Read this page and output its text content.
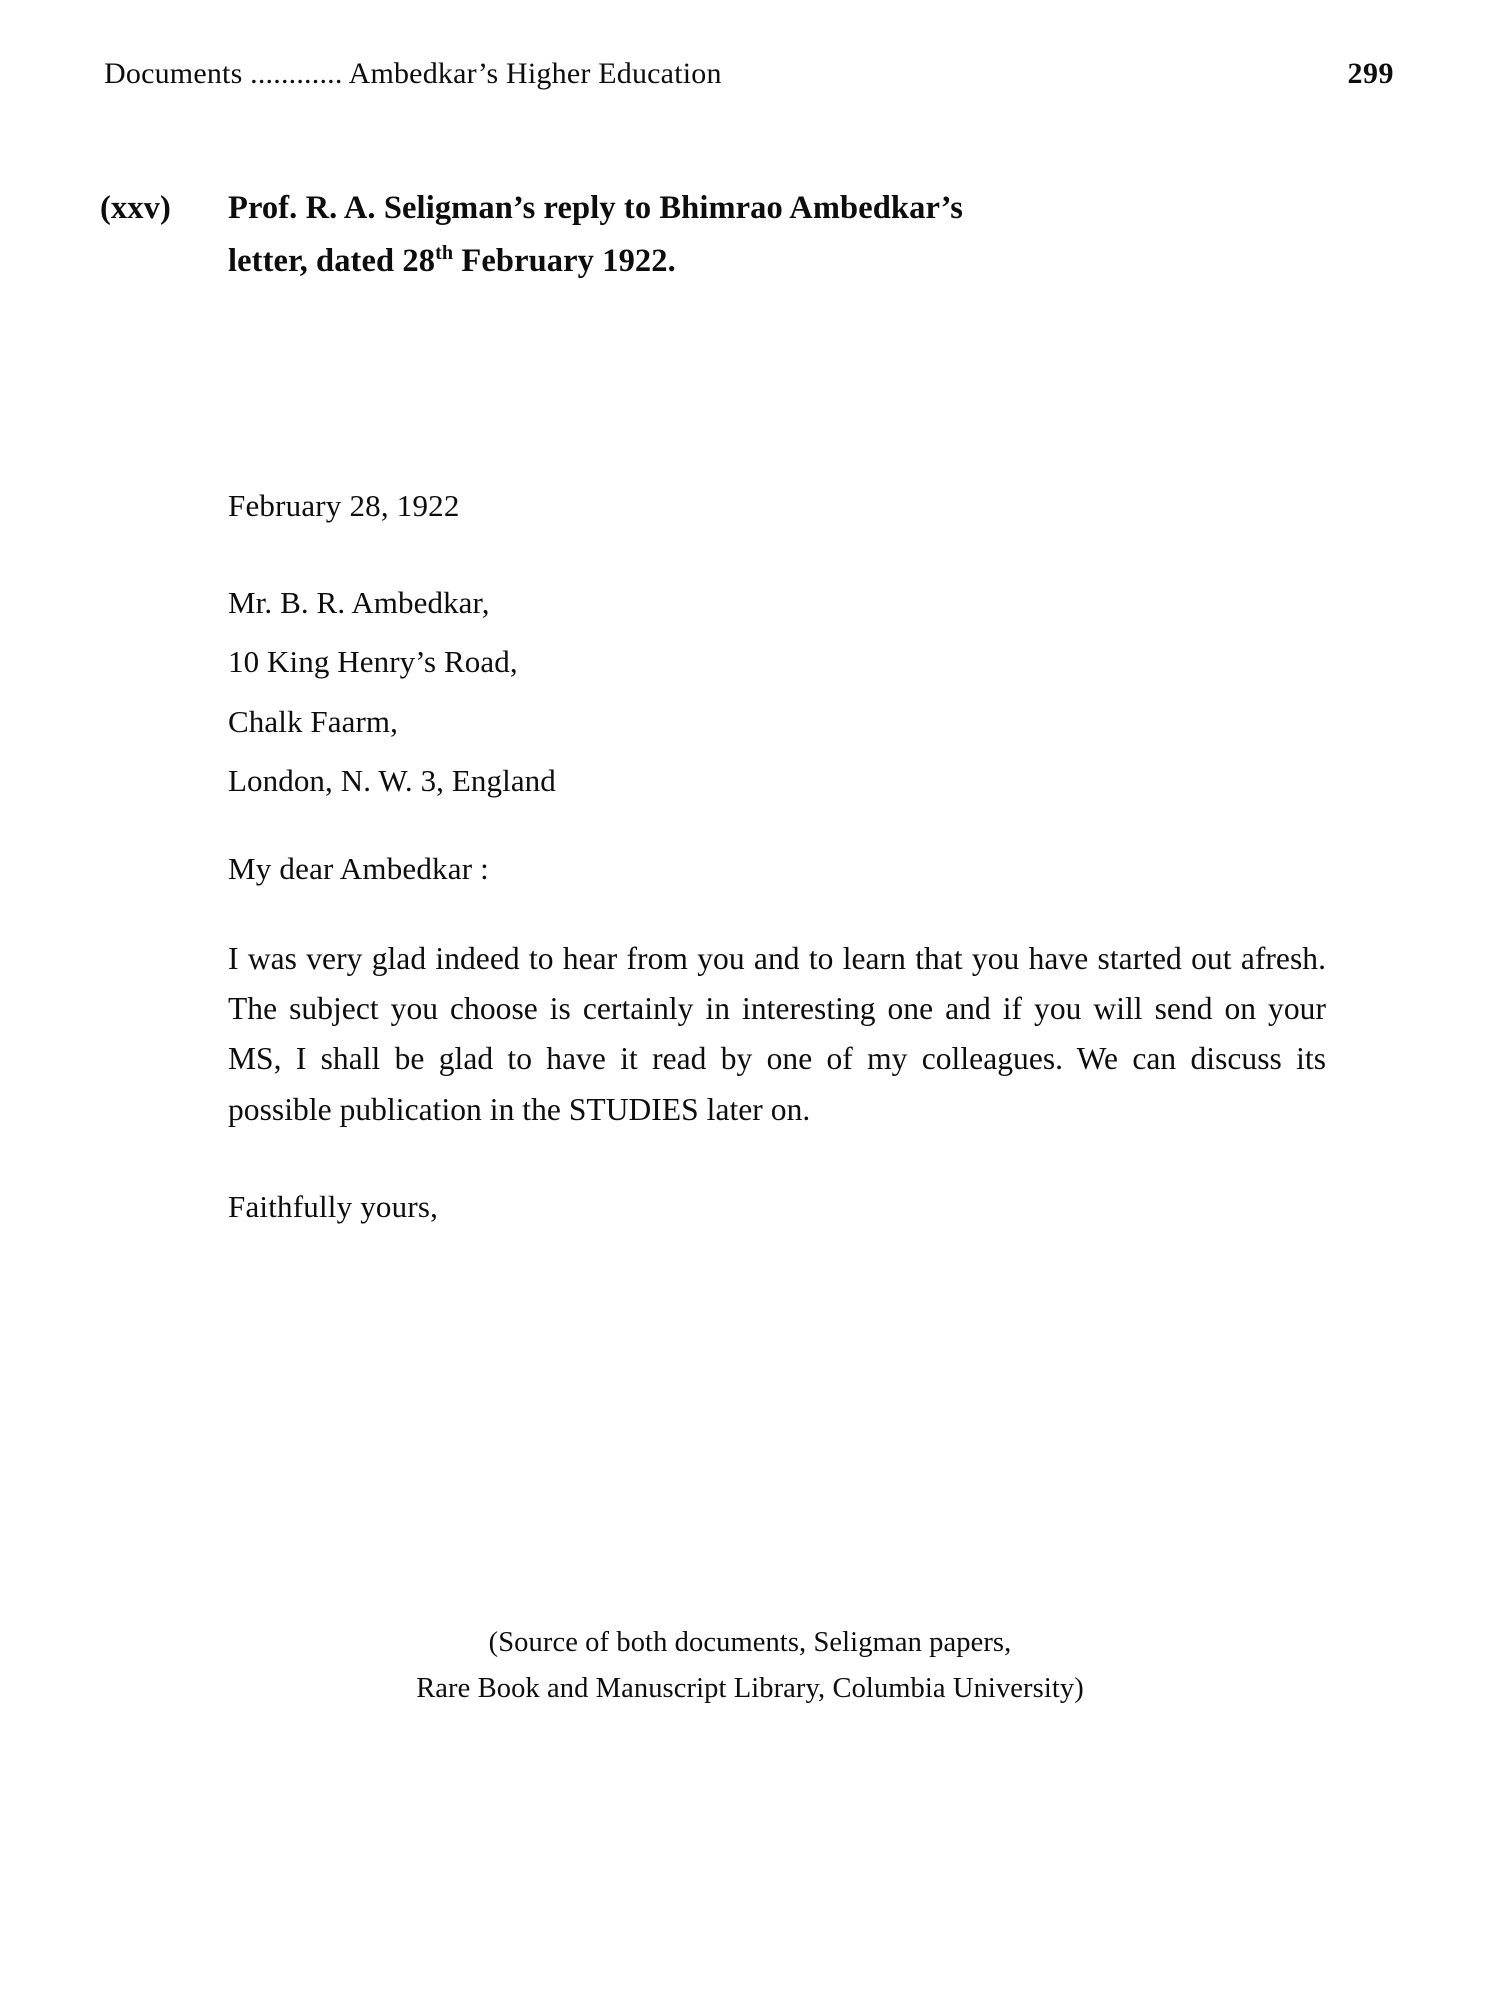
Documents ............ Ambedkar’s Higher Education	299
(xxv) Prof. R. A. Seligman’s reply to Bhimrao Ambedkar’s
letter, dated 28th February 1922.

February 28, 1922

Mr. B. R. Ambedkar,
10 King Henry’s Road,
Chalk Faarm,
London, N. W. 3, England

My dear Ambedkar :

I was very glad indeed to hear from you and to learn that you have started out afresh. The subject you choose is certainly in interesting one and if you will send on your MS, I shall be glad to have it read by one of my colleagues. We can discuss its possible publication in the STUDIES later on.

Faithfully yours,

(Source of both documents, Seligman papers,
Rare Book and Manuscript Library, Columbia University)
